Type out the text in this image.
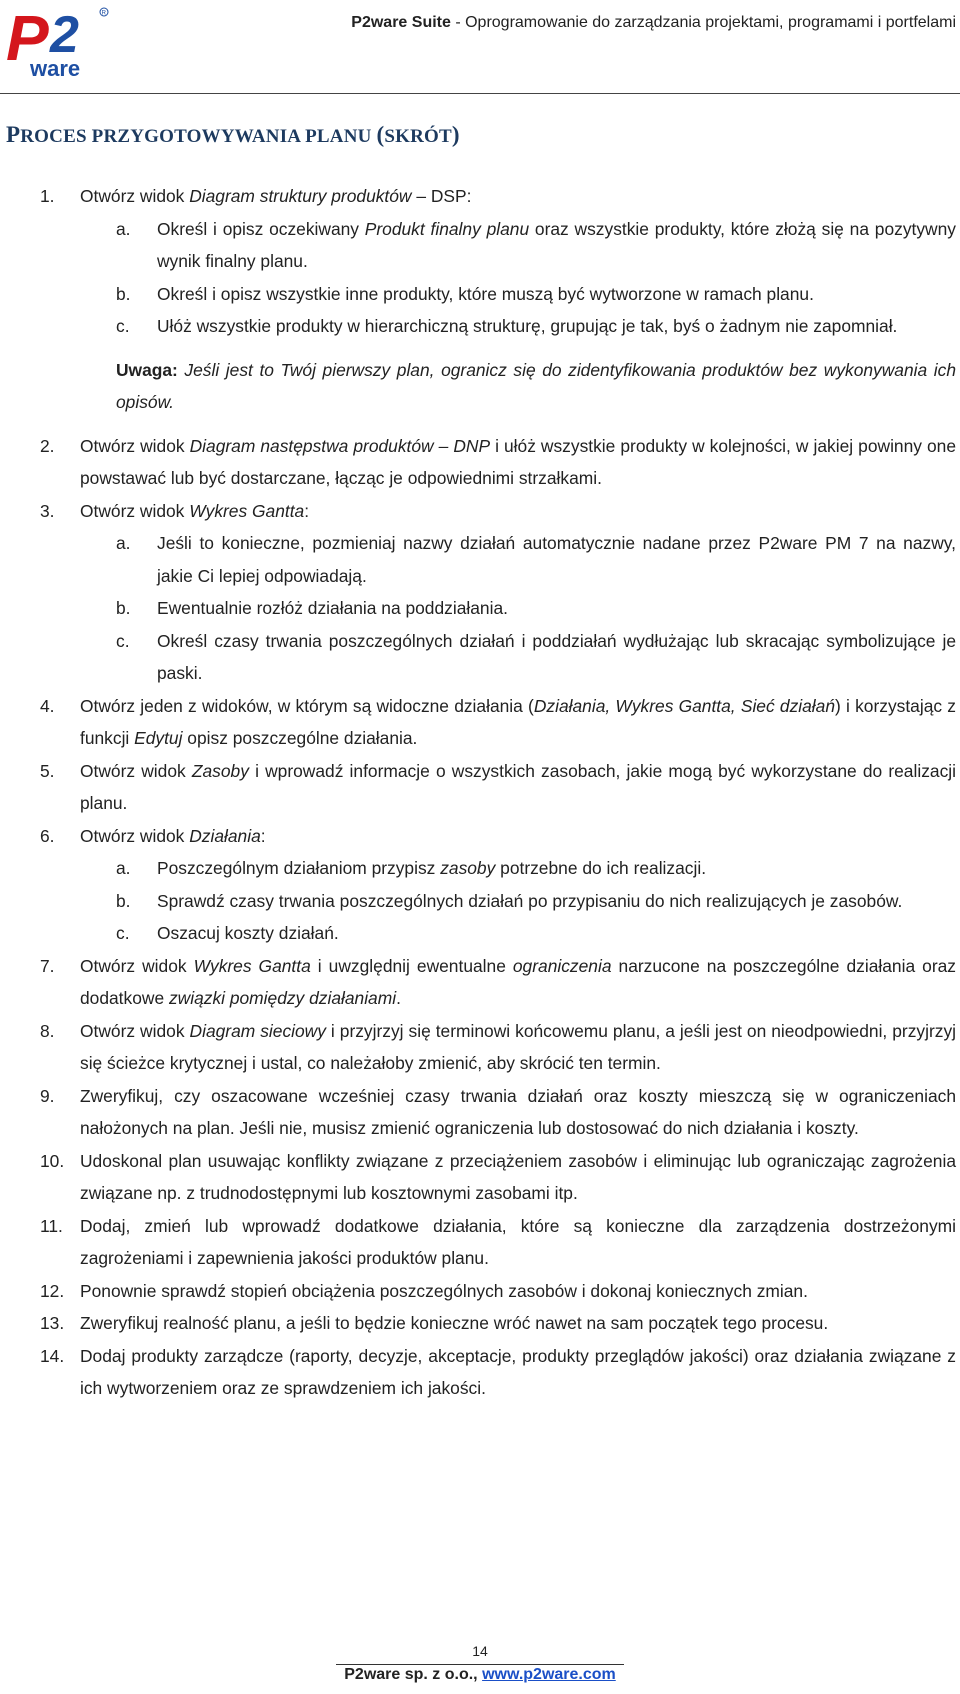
P 2
ware
R
P2ware Suite - Oprogramowanie do zarządzania projektami, programami i portfelami
PROCES PRZYGOTOWYWANIA PLANU (SKRÓT)
1. Otwórz widok Diagram struktury produktów – DSP:
a. Określ i opisz oczekiwany Produkt finalny planu oraz wszystkie produkty, które złożą się na pozytywny wynik finalny planu.
b. Określ i opisz wszystkie inne produkty, które muszą być wytworzone w ramach planu.
c. Ułóż wszystkie produkty w hierarchiczną strukturę, grupując je tak, byś o żadnym nie zapomniał.
Uwaga: Jeśli jest to Twój pierwszy plan, ogranicz się do zidentyfikowania produktów bez wykonywania ich opisów.
2. Otwórz widok Diagram następstwa produktów – DNP i ułóż wszystkie produkty w kolejności, w jakiej powinny one powstawać lub być dostarczane, łącząc je odpowiednimi strzałkami.
3. Otwórz widok Wykres Gantta:
a. Jeśli to konieczne, pozmieniaj nazwy działań automatycznie nadane przez P2ware PM 7 na nazwy, jakie Ci lepiej odpowiadają.
b. Ewentualnie rozłóż działania na poddziałania.
c. Określ czasy trwania poszczególnych działań i poddziałań wydłużając lub skracając symbolizujące je paski.
4. Otwórz jeden z widoków, w którym są widoczne działania (Działania, Wykres Gantta, Sieć działań) i korzystając z funkcji Edytuj opisz poszczególne działania.
5. Otwórz widok Zasoby i wprowadź informacje o wszystkich zasobach, jakie mogą być wykorzystane do realizacji planu.
6. Otwórz widok Działania:
a. Poszczególnym działaniom przypisz zasoby potrzebne do ich realizacji.
b. Sprawdź czasy trwania poszczególnych działań po przypisaniu do nich realizujących je zasobów.
c. Oszacuj koszty działań.
7. Otwórz widok Wykres Gantta i uwzględnij ewentualne ograniczenia narzucone na poszczególne działania oraz dodatkowe związki pomiędzy działaniami.
8. Otwórz widok Diagram sieciowy i przyjrzyj się terminowi końcowemu planu, a jeśli jest on nieodpowiedni, przyjrzyj się ścieżce krytycznej i ustal, co należałoby zmienić, aby skrócić ten termin.
9. Zweryfikuj, czy oszacowane wcześniej czasy trwania działań oraz koszty mieszczą się w ograniczeniach nałożonych na plan. Jeśli nie, musisz zmienić ograniczenia lub dostosować do nich działania i koszty.
10. Udoskonal plan usuwając konflikty związane z przeciążeniem zasobów i eliminując lub ograniczając zagrożenia związane np. z trudnodostępnymi lub kosztownymi zasobami itp.
11. Dodaj, zmień lub wprowadź dodatkowe działania, które są konieczne dla zarządzenia dostrzeżonymi zagrożeniami i zapewnienia jakości produktów planu.
12. Ponownie sprawdź stopień obciążenia poszczególnych zasobów i dokonaj koniecznych zmian.
13. Zweryfikuj realność planu, a jeśli to będzie konieczne wróć nawet na sam początek tego procesu.
14. Dodaj produkty zarządcze (raporty, decyzje, akceptacje, produkty przeglądów jakości) oraz działania związane z ich wytworzeniem oraz ze sprawdzeniem ich jakości.
14
P2ware sp. z o.o., www.p2ware.com
